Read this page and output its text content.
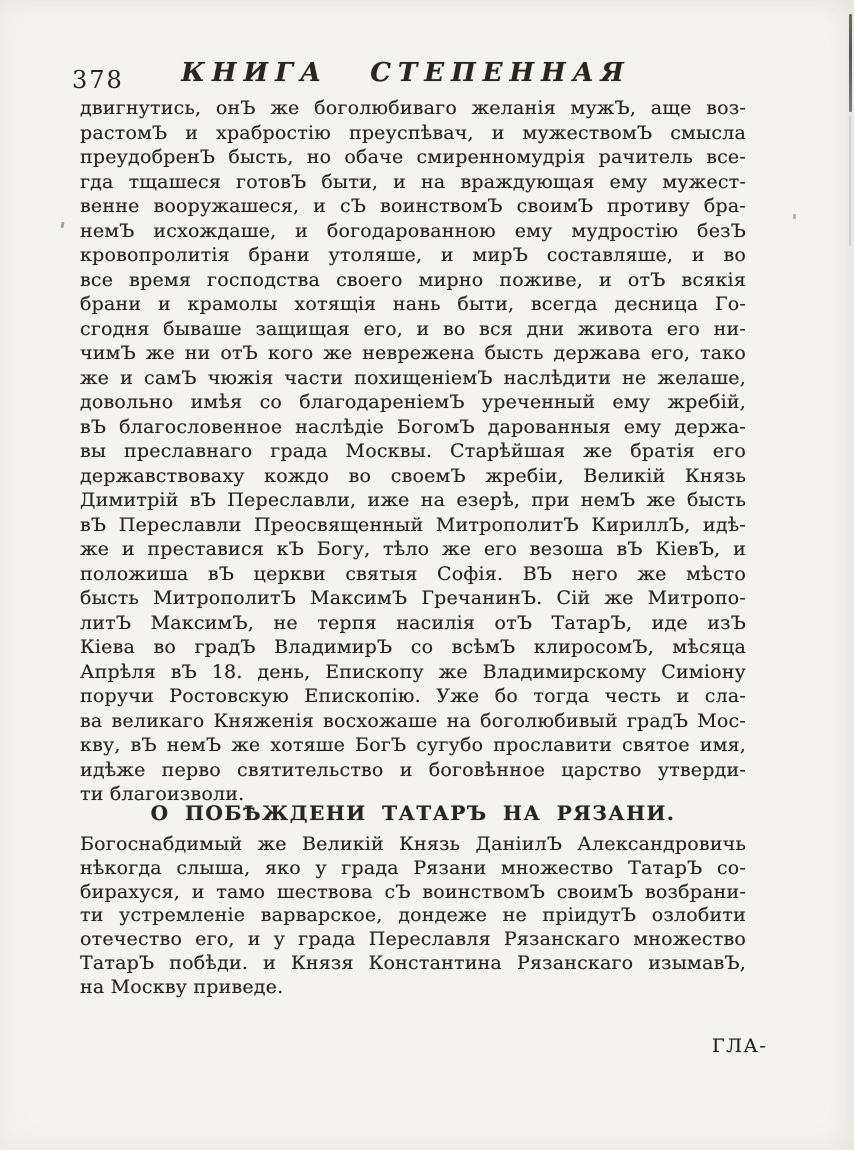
378	КНИГА СТЕПЕННАЯ
двигнутись, онЪ же боголюбиваго желанія мужЪ, аще воз-
растомЪ и храбростію преуспѣвач, и мужествомЪ смысла
преудобренЪ бысть, но обаче смиренномудрія рачитель все-
гда тщашеся готовЪ быти, и на враждующая ему мужест-
венне вооружашеся, и сЪ воинствомЪ своимЪ противу бра-
немЪ исхождаше, и богодарованною ему мудростію безЪ
кровопролитія брани утоляше, и мирЪ составляше, и во
все время господства своего мирно поживе, и отЪ всякія
брани и крамолы хотящія нань быти, всегда десница Го-
сгодня бываше защищая его, и во вся дни живота его ни-
чимЪ же ни отЪ кого же неврежена бысть держава его, тако
же и самЪ чюжія части похищеніемЪ наслѣдити не желаше,
довольно имѣя со благодареніемЪ уреченный ему жребій,
вЪ благословенное наслѣдіе БогомЪ дарованныя ему держа-
вы преславнаго града Москвы. Старѣйшая же братія его
державствоваху кождо во своемЪ жребіи, Великій Князь
Димитрій вЪ Переславли, иже на езерѣ, при немЪ же бысть
вЪ Переславли Преосвященный МитрополитЪ КириллЪ, идѣ-
же и преставися кЪ Богу, тѣло же его везоша вЪ КіевЪ, и
положиша вЪ церкви святыя Софія. ВЪ него же мѣсто
бысть МитрополитЪ МаксимЪ ГречанинЪ. Сій же Митропо-
литЪ МаксимЪ, не терпя насилія отЪ ТатарЪ, иде изЪ
Кіева во градЪ ВладимирЪ со всѣмЪ клиросомЪ, мѣсяца
Апрѣля вЪ 18. день, Епископу же Владимирскому Симіону
поручи Ростовскую Епископію. Уже бо тогда честь и сла-
ва великаго Княженія восхожаше на боголюбивый градЪ Мос-
кву, вЪ немЪ же хотяше БогЪ сугубо прославити святое имя,
идѣже перво святительство и боговѣнное царство утверди-
ти благоизволи.
О ПОБѢЖДЕНИ ТАТАРЪ НА РЯЗАНИ.
Богоснабдимый же Великій Князь ДаніилЪ Александровичь
нѣкогда слыша, яко у града Рязани множество ТатарЪ со-
бирахуся, и тамо шествова сЪ воинствомЪ своимЪ возбрани-
ти устремленіе варварское, дондеже не пріидутЪ озлобити
отечество его, и у града Переславля Рязанскаго множество
ТатарЪ побѣди. и Князя Константина Рязанскаго изымавЪ,
на Москву приведе.
ГЛА-
